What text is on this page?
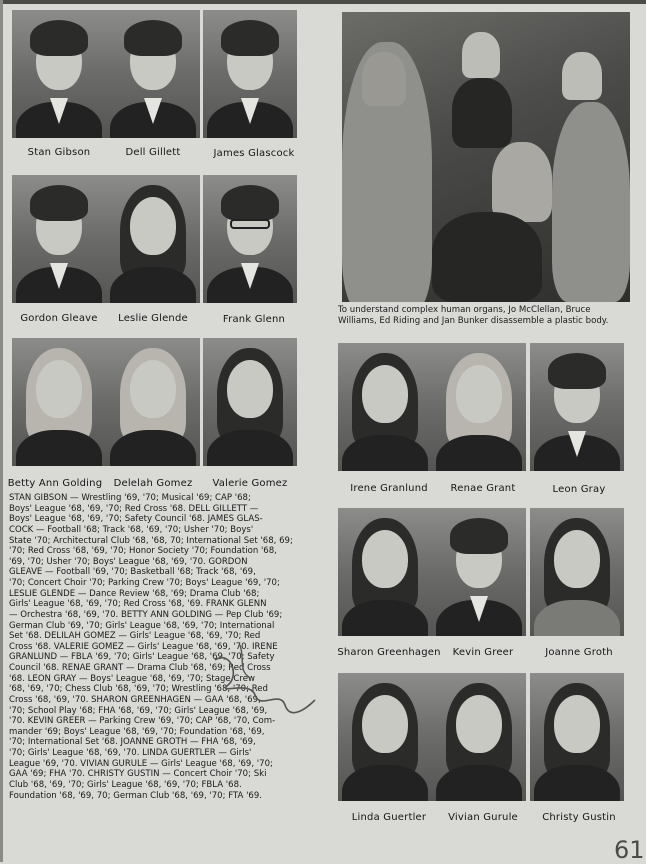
Stan Gibson	Dell Gillett	James Glascock
Gordon Gleave	Leslie Glende	Frank Glenn
Betty Ann Golding	Delelah Gomez	Valerie Gomez
To understand complex human organs, Jo McClellan, Bruce
Williams, Ed Riding and Jan Bunker disassemble a plastic body.
Irene Granlund	Renae Grant	Leon Gray
Sharon Greenhagen	Kevin Greer	Joanne Groth
Linda Guertler	Vivian Gurule	Christy Gustin
STAN GIBSON — Wrestling '69, '70; Musical '69; CAP '68;
Boys' League '68, '69, '70; Red Cross '68. DELL GILLETT —
Boys' League '68, '69, '70; Safety Council '68. JAMES GLAS-
COCK — Football '68; Track '68, '69, '70; Usher '70; Boys'
State '70; Architectural Club '68, '68, 70; International Set '68, 69;
'70; Red Cross '68, '69, '70; Honor Society '70; Foundation '68,
'69, '70; Usher '70; Boys' League '68, '69, '70. GORDON
GLEAVE — Football '69, '70; Basketball '68; Track '68, '69,
'70; Concert Choir '70; Parking Crew '70; Boys' League '69, '70;
LESLIE GLENDE — Dance Review '68, '69; Drama Club '68;
Girls' League '68, '69, '70; Red Cross '68, '69. FRANK GLENN
— Orchestra '68, '69, '70. BETTY ANN GOLDING — Pep Club '69;
German Club '69, '70; Girls' League '68, '69, '70; International
Set '68. DELILAH GOMEZ — Girls' League '68, '69, '70; Red
Cross '68. VALERIE GOMEZ — Girls' League '68, '69, '70. IRENE
GRANLUND — FBLA '69, '70; Girls' League '68, '69, '70; Safety
Council '68. RENAE GRANT — Drama Club '68, '69; Red Cross
'68. LEON GRAY — Boys' League '68, '69, '70; Stage Crew
'68, '69, '70; Chess Club '68, '69, '70; Wrestling '68, '70; Red
Cross '68, '69, '70. SHARON GREENHAGEN — GAA '68, '69,
'70; School Play '68; FHA '68, '69, '70; Girls' League '68, '69,
'70. KEVIN GREER — Parking Crew '69, '70; CAP '68, '70, Com-
mander '69; Boys' League '68, '69, '70; Foundation '68, '69,
'70; International Set '68. JOANNE GROTH — FHA '68, '69,
'70; Girls' League '68, '69, '70. LINDA GUERTLER — Girls'
League '69, '70. VIVIAN GURULE — Girls' League '68, '69, '70;
GAA '69; FHA '70. CHRISTY GUSTIN — Concert Choir '70; Ski
Club '68, '69, '70; Girls' League '68, '69, '70; FBLA '68.
Foundation '68, '69, 70; German Club '68, '69, '70; FTA '69.
61
